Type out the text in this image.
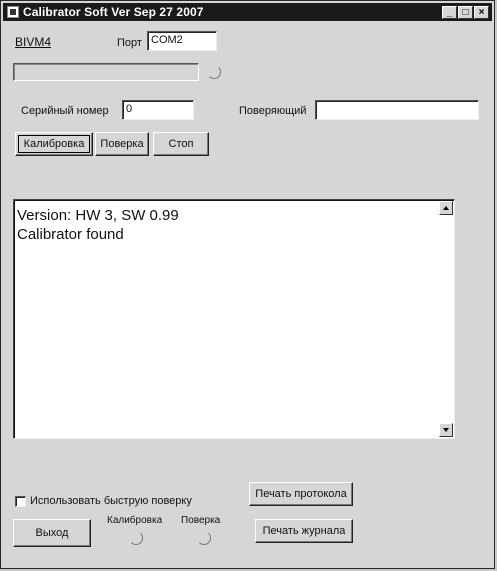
Calibrator Soft Ver Sep 27 2007	_	□	×
BIVM4	Порт COM2
Серийный номер	0	Поверяющий
Калибровка Поверка Стоп
Version: HW 3, SW 0.99
Calibrator found
Использовать быструю поверку
Печать протокола
Печать журнала
Выход
Калибровка Поверка
